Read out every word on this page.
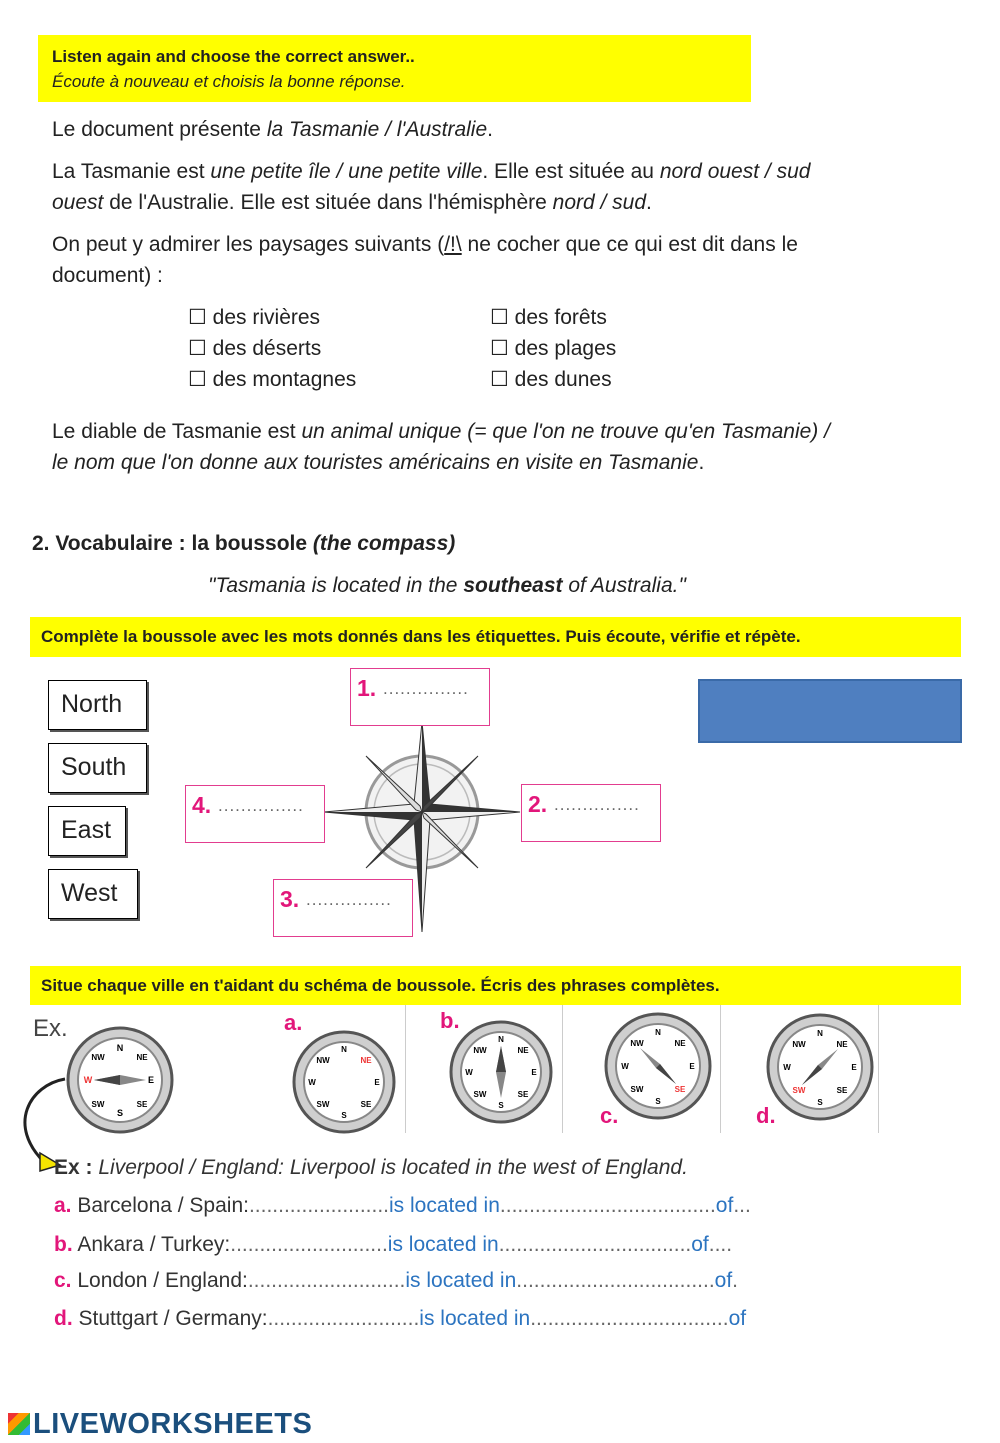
Listen again and choose the correct answer..
Écoute à nouveau et choisis la bonne réponse.
Le document présente la Tasmanie / l'Australie.
La Tasmanie est une petite île / une petite ville. Elle est située au nord ouest / sud
ouest de l'Australie. Elle est située dans l'hémisphère nord / sud.
On peut y admirer les paysages suivants (/!\ ne cocher que ce qui est dit dans le
document) :
☐ des rivières
☐ des déserts
☐ des montagnes
☐ des forêts
☐ des plages
☐ des dunes
Le diable de Tasmanie est un animal unique (= que l'on ne trouve qu'en Tasmanie) /
le nom que l'on donne aux touristes américains en visite en Tasmanie.
2. Vocabulaire : la boussole (the compass)
"Tasmania is located in the southeast of Australia."
Complète la boussole avec les mots donnés dans les étiquettes. Puis écoute, vérifie et répète.
North
South
East
West
1. ...............
2. ...............
3. ...............
4. ...............
Situe chaque ville en t'aidant du schéma de boussole. Écris des phrases complètes.
Ex.
N
S
E
W
NW	NE
SW	SE
N
S
E
W
NW	NE
SW	SE
N
S
E
W
NW	NE
SW	SE
N
S
E
W
NW	NE
SW	SE
N
S
E
W
NW	NE
SW	SE
a.	b.
c.	d.
Ex : Liverpool / England: Liverpool is located in the west of England.
a. Barcelona / Spain:........................is located in.....................................of...
b. Ankara / Turkey:...........................is located in.................................of....
c. London / England:...........................is located in..................................of.
d. Stuttgart / Germany:..........................is located in..................................of
LIVEWORKSHEETS
